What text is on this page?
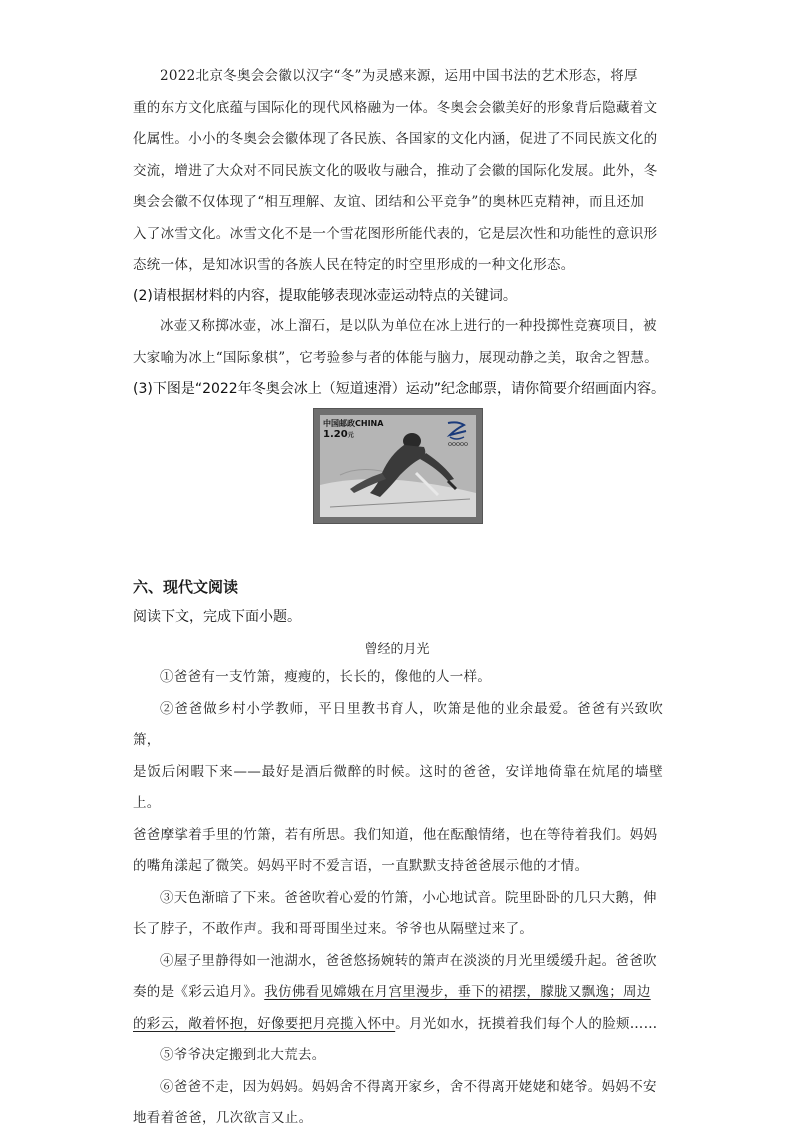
2022北京冬奥会会徽以汉字“冬”为灵感来源，运用中国书法的艺术形态，将厚
重的东方文化底蕴与国际化的现代风格融为一体。冬奥会会徽美好的形象背后隐藏着文
化属性。小小的冬奥会会徽体现了各民族、各国家的文化内涵，促进了不同民族文化的
交流，增进了大众对不同民族文化的吸收与融合，推动了会徽的国际化发展。此外，冬
奥会会徽不仅体现了“相互理解、友谊、团结和公平竞争”的奥林匹克精神，而且还加
入了冰雪文化。冰雪文化不是一个雪花图形所能代表的，它是层次性和功能性的意识形
态统一体，是知冰识雪的各族人民在特定的时空里形成的一种文化形态。
(2)请根据材料的内容，提取能够表现冰壶运动特点的关键词。
冰壶又称掷冰壶，冰上溜石，是以队为单位在冰上进行的一种投掷性竞赛项目，被
大家喻为冰上“国际象棋”，它考验参与者的体能与脑力，展现动静之美，取舍之智慧。
(3)下图是“2022年冬奥会冰上（短道速滑）运动”纪念邮票，请你简要介绍画面内容。
中国邮政CHINA
1.20元
六、现代文阅读
阅读下文，完成下面小题。
曾经的月光
①爸爸有一支竹箫，瘦瘦的，长长的，像他的人一样。
②爸爸做乡村小学教师，平日里教书育人，吹箫是他的业余最爱。爸爸有兴致吹箫，
是饭后闲暇下来——最好是酒后微醉的时候。这时的爸爸，安详地倚靠在炕尾的墙壁上。
爸爸摩挲着手里的竹箫，若有所思。我们知道，他在酝酿情绪，也在等待着我们。妈妈
的嘴角漾起了微笑。妈妈平时不爱言语，一直默默支持爸爸展示他的才情。
③天色渐暗了下来。爸爸吹着心爱的竹箫，小心地试音。院里卧卧的几只大鹅，伸
长了脖子，不敢作声。我和哥哥围坐过来。爷爷也从隔壁过来了。
④屋子里静得如一池湖水，爸爸悠扬婉转的箫声在淡淡的月光里缓缓升起。爸爸吹
奏的是《彩云追月》。我仿佛看见嫦娥在月宫里漫步，垂下的裙摆，朦胧又飘逸；周边
的彩云，敞着怀抱，好像要把月亮揽入怀中。月光如水，抚摸着我们每个人的脸颊……
⑤爷爷决定搬到北大荒去。
⑥爸爸不走，因为妈妈。妈妈舍不得离开家乡，舍不得离开姥姥和姥爷。妈妈不安
地看着爸爸，几次欲言又止。
